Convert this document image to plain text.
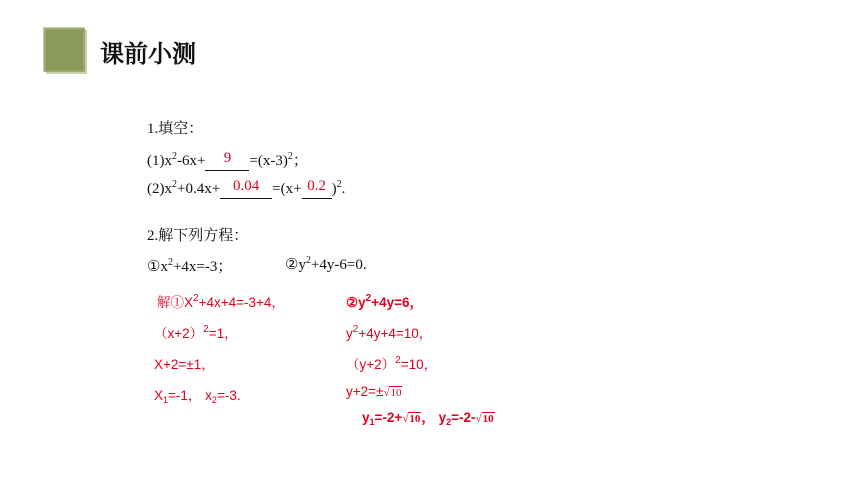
课前小测
1.填空：
$(1)x^2-6x+ 9 =(x-3)^2$；
$(2)x^2+0.4x+ 0.04 =(x+ 0.2$ )$^2$.
2.解下列方程：
$①x^2+4x=-3$；	$②y^2+4y-6=0$.
解$①X^2+4x+4=-3+4$，
$(x+2)^2=1$，
X+2=±1，
$X_1=-1$， $x_2=-3$.
$②y^2+4y=6$，
$y^2+4y+4=10$，
$(y+2)^2=10$，
y+2=±√10
$y_1=-2+√10$， $y_2=-2-√10$
